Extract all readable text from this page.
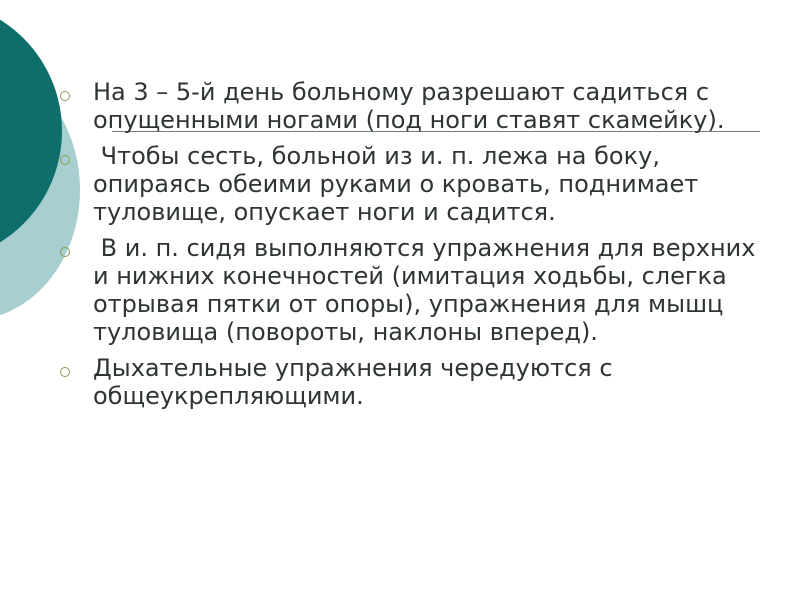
На 3 – 5-й день больному разрешают садиться с опущенными ногами (под ноги ставят скамейку).
Чтобы сесть, больной из и. п. лежа на боку, опираясь обеими руками о кровать, поднимает туловище, опускает ноги и садится.
В и. п. сидя выполняются упражнения для верхних и нижних конечностей (имитация ходьбы, слегка отрывая пятки от опоры), упражнения для мышц туловища (повороты, наклоны вперед).
Дыхательные упражнения чередуются с общеукрепляющими.
